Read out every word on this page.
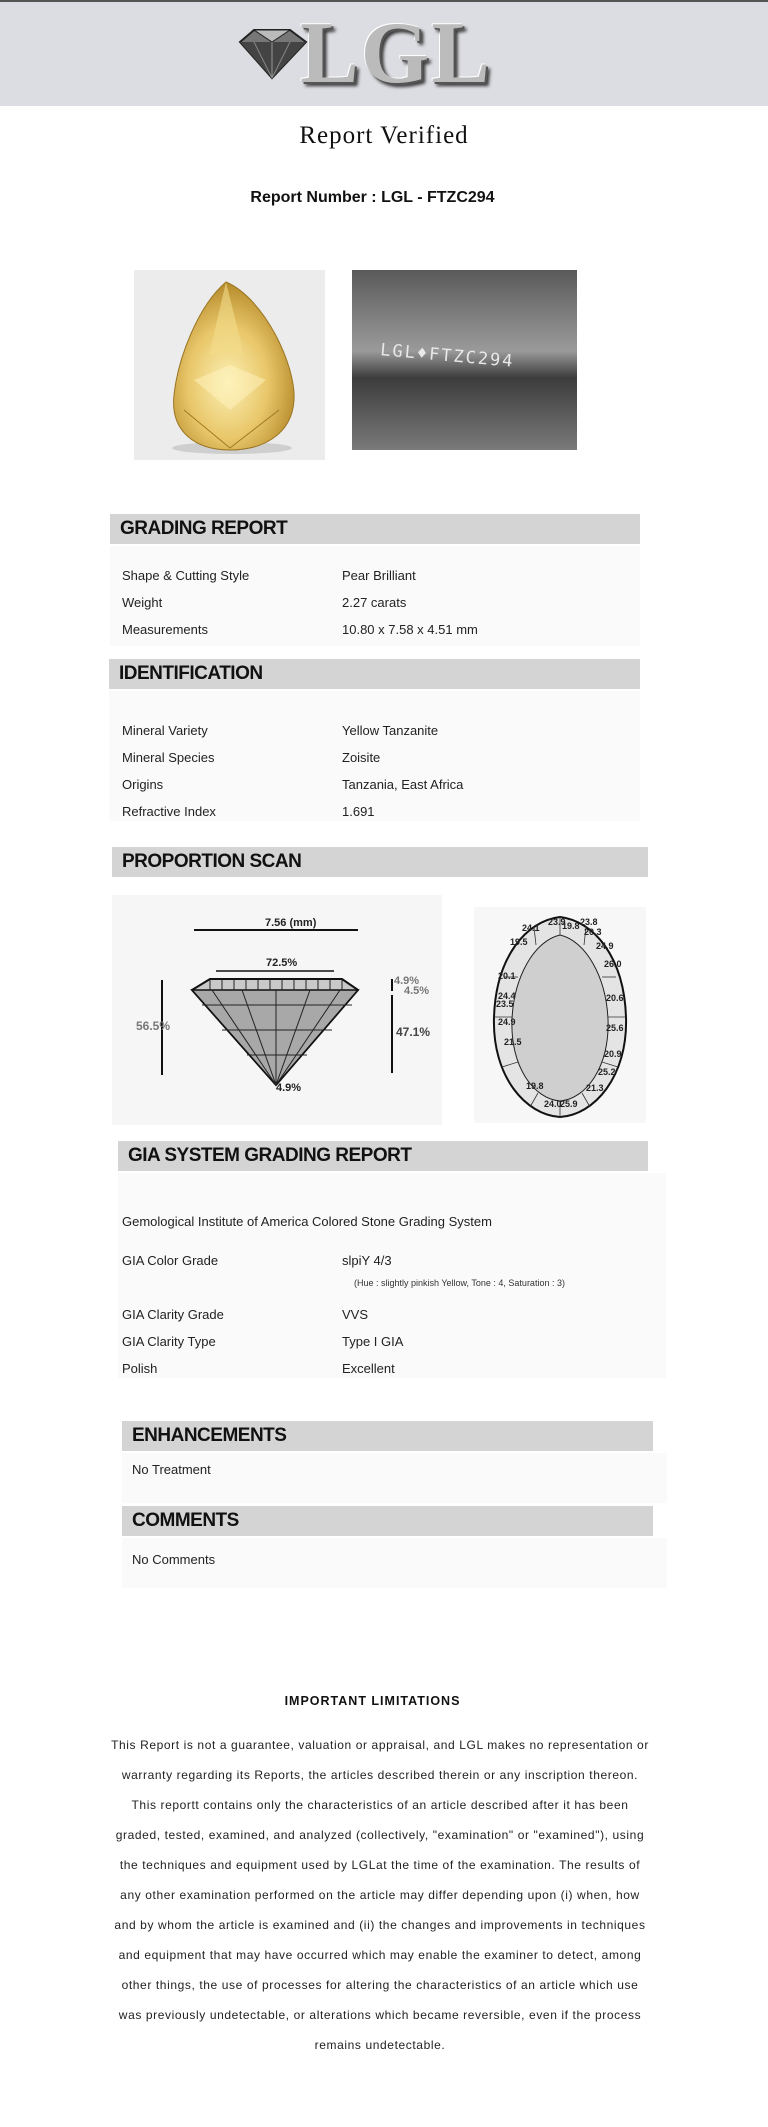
LGL
Report Verified
Report Number : LGL - FTZC294
LGL♦FTZC294
GRADING REPORT
Shape & Cutting Style	Pear Brilliant
Weight	2.27 carats
Measurements	10.80 x 7.58 x 4.51 mm
IDENTIFICATION
Mineral Variety	Yellow Tanzanite
Mineral Species	Zoisite
Origins	Tanzania, East Africa
Refractive Index	1.691
PROPORTION SCAN
7.56 (mm)
72.5%
56.5%
4.9%
4.5%
47.1%
4.9%
23.9
19.8 23.8
24.1	20.3
19.5	24.9
20.1
26.0
24.4	20.6
23.5
24.9
25.6
21.5
20.9
25.2
19.8	21.3
24.0
25.9
GIA SYSTEM GRADING REPORT
Gemological Institute of America Colored Stone Grading System
GIA Color Grade	slpiY 4/3
(Hue : slightly pinkish Yellow, Tone : 4, Saturation : 3)
GIA Clarity Grade	VVS
GIA Clarity Type	Type I GIA
Polish	Excellent
ENHANCEMENTS
No Treatment
COMMENTS
No Comments
IMPORTANT LIMITATIONS
This Report is not a guarantee, valuation or appraisal, and LGL makes no representation or warranty regarding its Reports, the articles described therein or any inscription thereon. This reportt contains only the characteristics of an article described after it has been graded, tested, examined, and analyzed (collectively, "examination" or "examined"), using the techniques and equipment used by LGLat the time of the examination. The results of any other examination performed on the article may differ depending upon (i) when, how and by whom the article is examined and (ii) the changes and improvements in techniques and equipment that may have occurred which may enable the examiner to detect, among other things, the use of processes for altering the characteristics of an article which use was previously undetectable, or alterations which became reversible, even if the process remains undetectable.
